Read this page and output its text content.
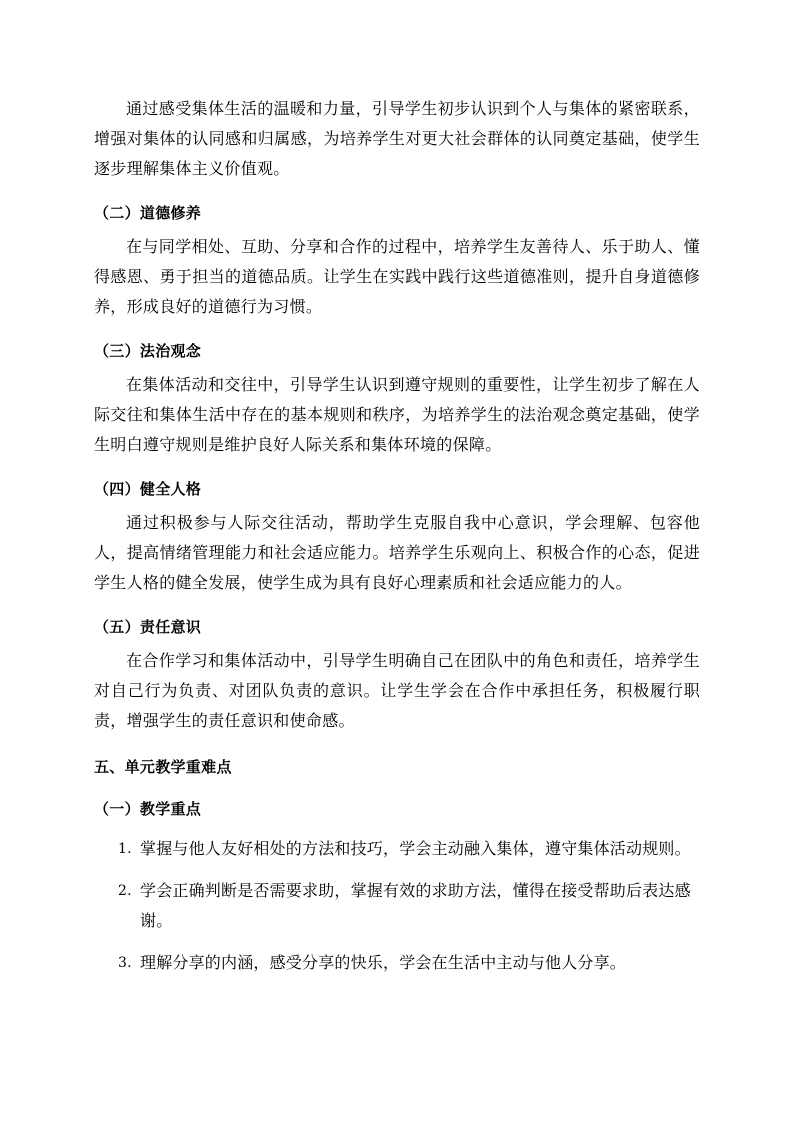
通过感受集体生活的温暖和力量，引导学生初步认识到个人与集体的紧密联系，增强对集体的认同感和归属感，为培养学生对更大社会群体的认同奠定基础，使学生逐步理解集体主义价值观。

（二）道德修养

在与同学相处、互助、分享和合作的过程中，培养学生友善待人、乐于助人、懂得感恩、勇于担当的道德品质。让学生在实践中践行这些道德准则，提升自身道德修养，形成良好的道德行为习惯。

（三）法治观念

在集体活动和交往中，引导学生认识到遵守规则的重要性，让学生初步了解在人际交往和集体生活中存在的基本规则和秩序，为培养学生的法治观念奠定基础，使学生明白遵守规则是维护良好人际关系和集体环境的保障。

（四）健全人格

通过积极参与人际交往活动，帮助学生克服自我中心意识，学会理解、包容他人，提高情绪管理能力和社会适应能力。培养学生乐观向上、积极合作的心态，促进学生人格的健全发展，使学生成为具有良好心理素质和社会适应能力的人。

（五）责任意识

在合作学习和集体活动中，引导学生明确自己在团队中的角色和责任，培养学生对自己行为负责、对团队负责的意识。让学生学会在合作中承担任务，积极履行职责，增强学生的责任意识和使命感。

五、单元教学重难点
（一）教学重点
1. 掌握与他人友好相处的方法和技巧，学会主动融入集体，遵守集体活动规则。
2. 学会正确判断是否需要求助，掌握有效的求助方法，懂得在接受帮助后表达感谢。
3. 理解分享的内涵，感受分享的快乐，学会在生活中主动与他人分享。
